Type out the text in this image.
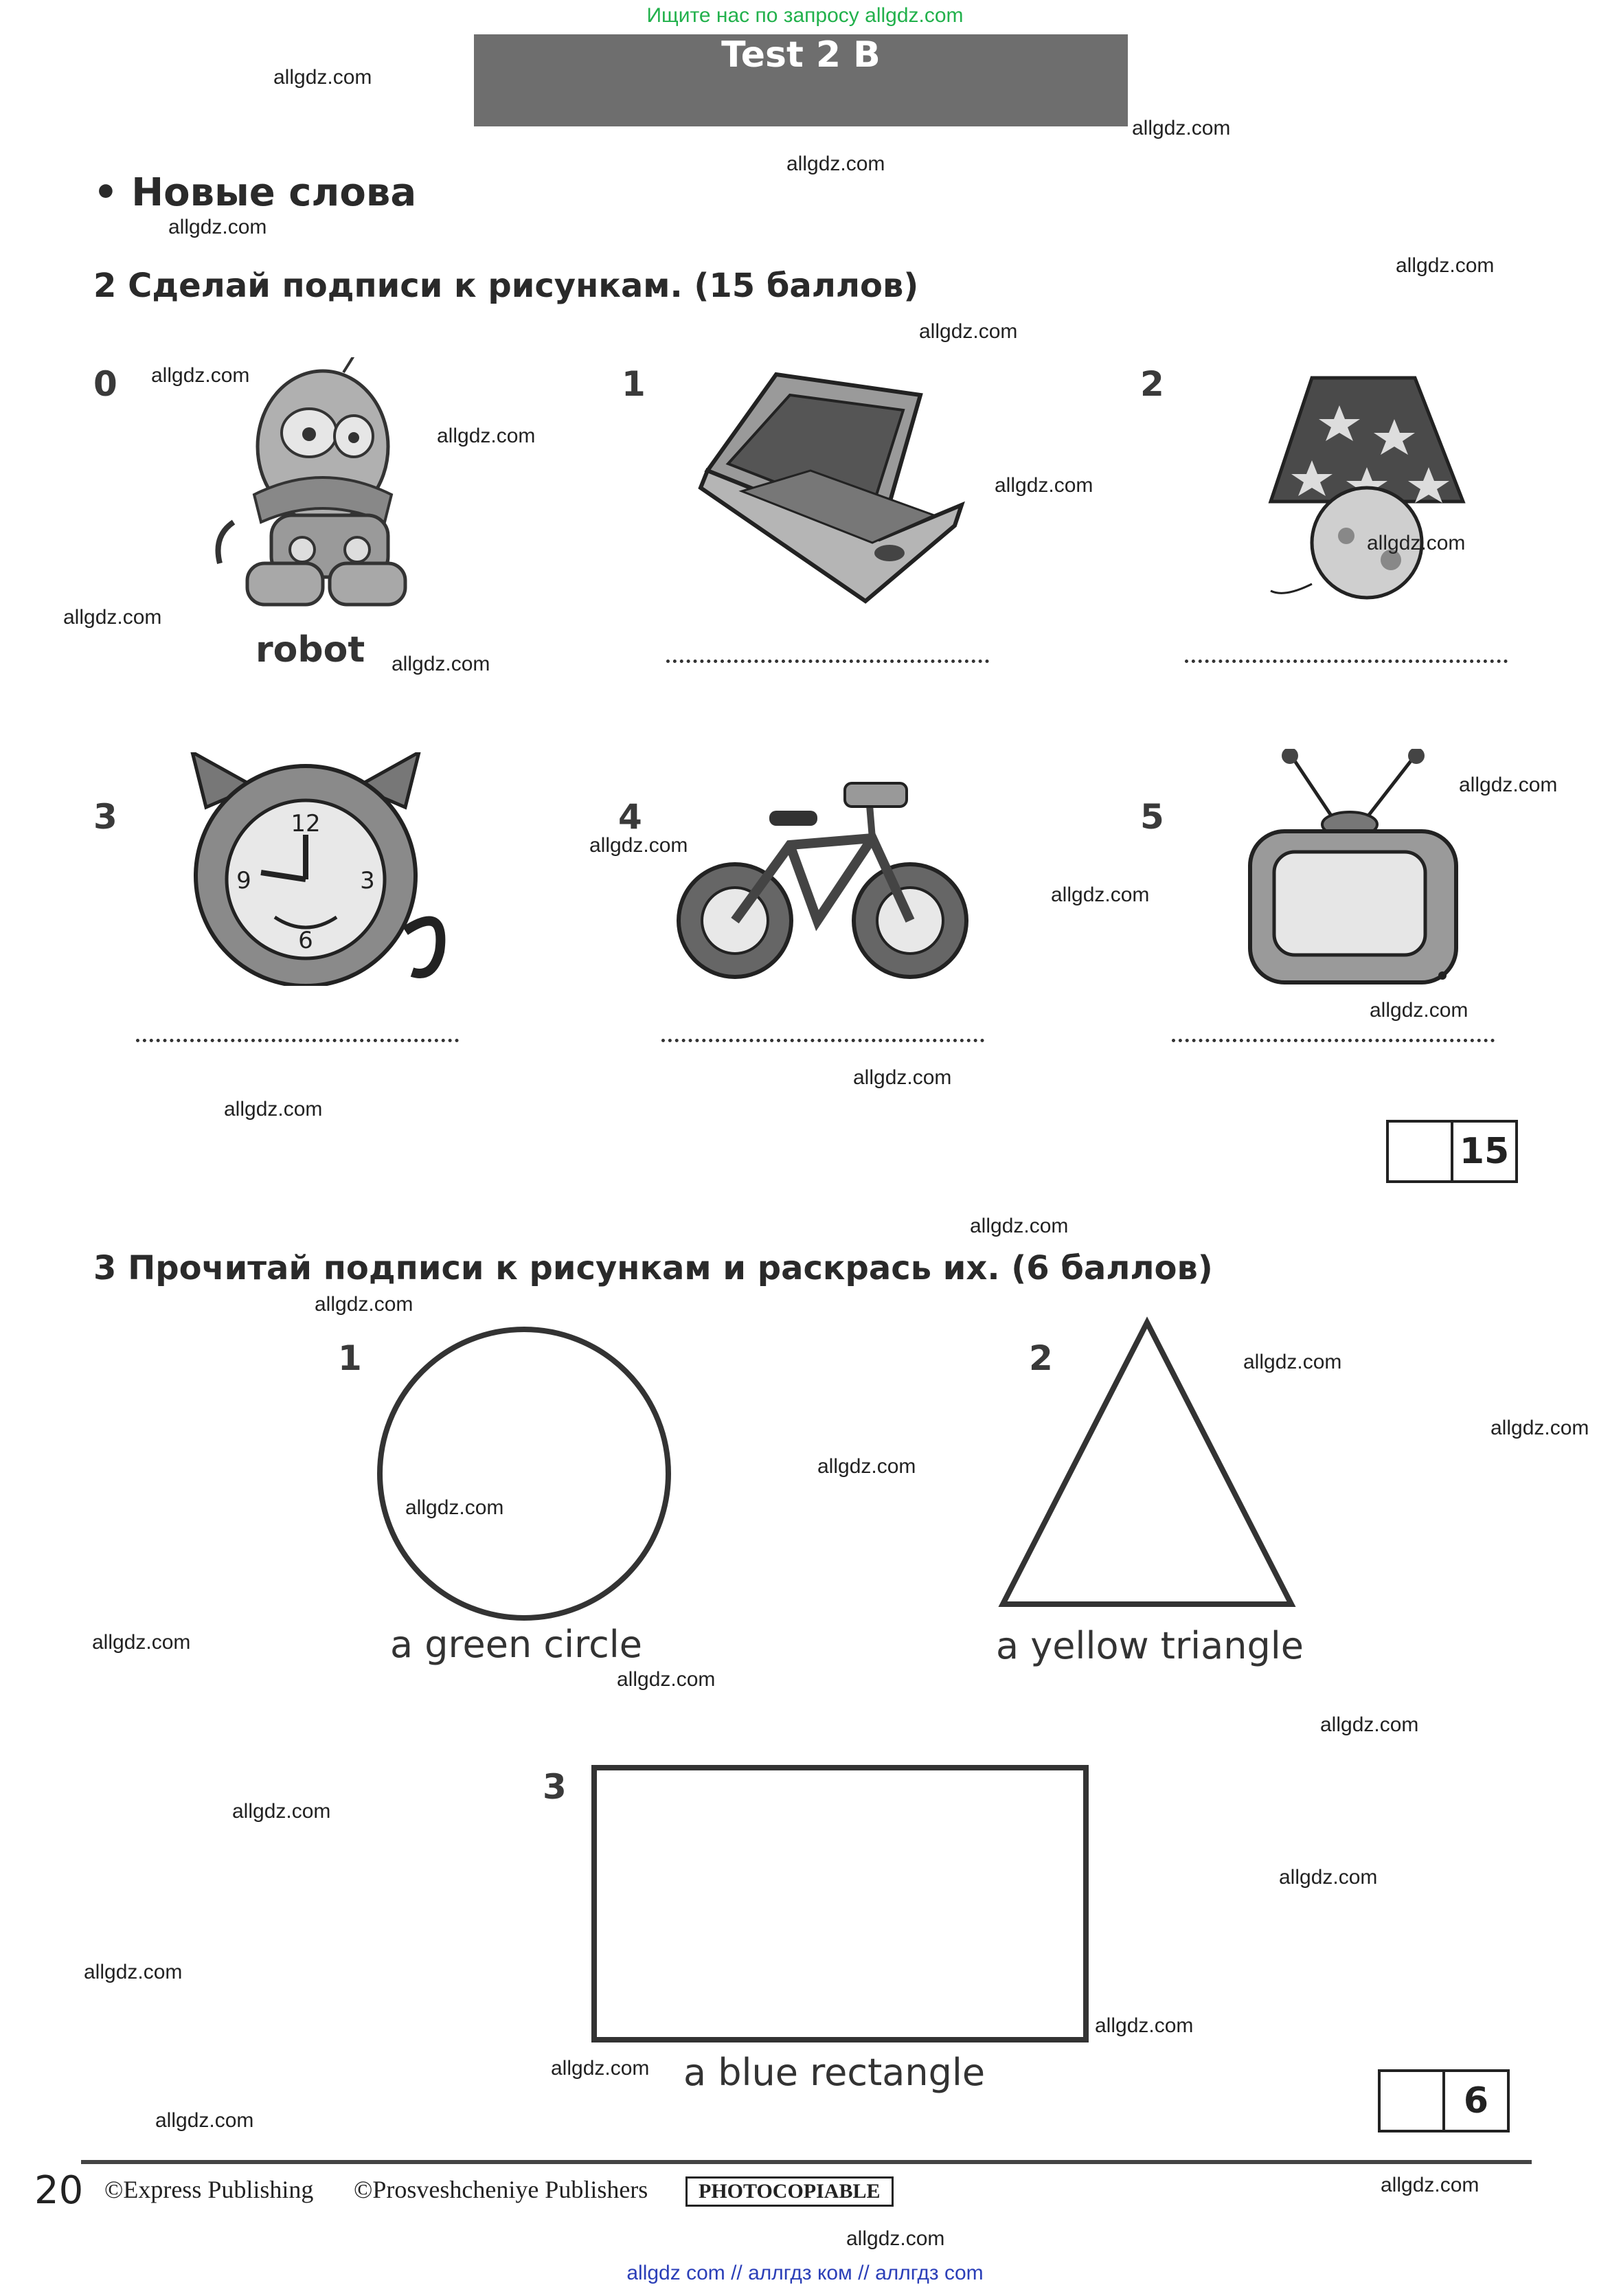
Ищите нас по запросу allgdz.com
Test 2 B
• Новые слова
2 Сделай подписи к рисункам. (15 баллов)
0	1	2
3	4	5
robot
12
3
6
9
15
3 Прочитай подписи к рисункам и раскрась их. (6 баллов)
1
a green circle
2
a yellow triangle
3
a blue rectangle
6
20 ©Express Publishing ©Prosveshcheniye Publishers	PHOTOCOPIABLE
allgdz.com
allgdz.com
allgdz.com
allgdz.com
allgdz.com
allgdz.com
allgdz.com
allgdz.com
allgdz.com
allgdz.com
allgdz.com
allgdz.com
allgdz.com
allgdz.com
allgdz.com
allgdz.com
allgdz.com
allgdz.com
allgdz.com
allgdz.com
allgdz.com
allgdz.com
allgdz.com
allgdz.com
allgdz.com
allgdz.com
allgdz.com
allgdz.com
allgdz.com
allgdz.com
allgdz.com
allgdz.com
allgdz.com
allgdz.com
allgdz.com
allgdz com // аллгдз ком // аллгдз com
